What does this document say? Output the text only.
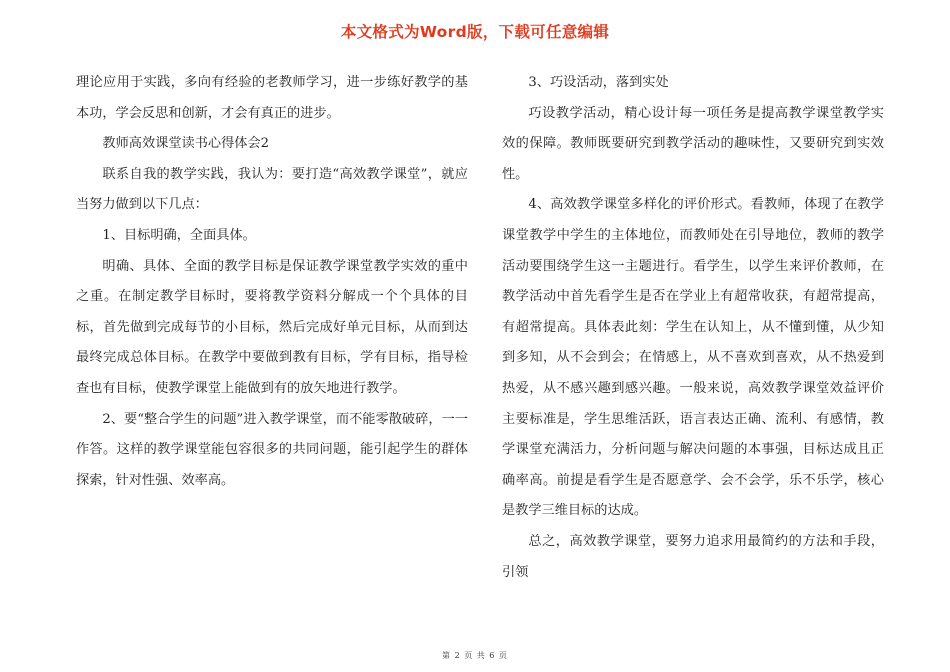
本文格式为Word版，下载可任意编辑

理论应用于实践，多向有经验的老教师学习，进一步练好教学的基本功，学会反思和创新，才会有真正的进步。

教师高效课堂读书心得体会2

联系自我的教学实践，我认为：要打造“高效教学课堂”，就应当努力做到以下几点：

1、目标明确，全面具体。

明确、具体、全面的教学目标是保证教学课堂教学实效的重中之重。在制定教学目标时，要将教学资料分解成一个个具体的目标，首先做到完成每节的小目标，然后完成好单元目标，从而到达最终完成总体目标。在教学中要做到教有目标，学有目标，指导检查也有目标，使教学课堂上能做到有的放矢地进行教学。

2、要“整合学生的问题”进入教学课堂，而不能零散破碎，一一作答。这样的教学课堂能包容很多的共同问题，能引起学生的群体探索，针对性强、效率高。

3、巧设活动，落到实处

巧设教学活动，精心设计每一项任务是提高教学课堂教学实效的保障。教师既要研究到教学活动的趣味性，又要研究到实效性。

4、高效教学课堂多样化的评价形式。看教师，体现了在教学课堂教学中学生的主体地位，而教师处在引导地位，教师的教学活动要围绕学生这一主题进行。看学生，以学生来评价教师，在教学活动中首先看学生是否在学业上有超常收获，有超常提高，有超常提高。具体表此刻：学生在认知上，从不懂到懂，从少知到多知，从不会到会；在情感上，从不喜欢到喜欢，从不热爱到热爱，从不感兴趣到感兴趣。一般来说，高效教学课堂效益评价主要标准是，学生思维活跃，语言表达正确、流利、有感情，教学课堂充满活力，分析问题与解决问题的本事强，目标达成且正确率高。前提是看学生是否愿意学、会不会学，乐不乐学，核心是教学三维目标的达成。

总之，高效教学课堂，要努力追求用最简约的方法和手段，引领

第 2 页 共 6 页
